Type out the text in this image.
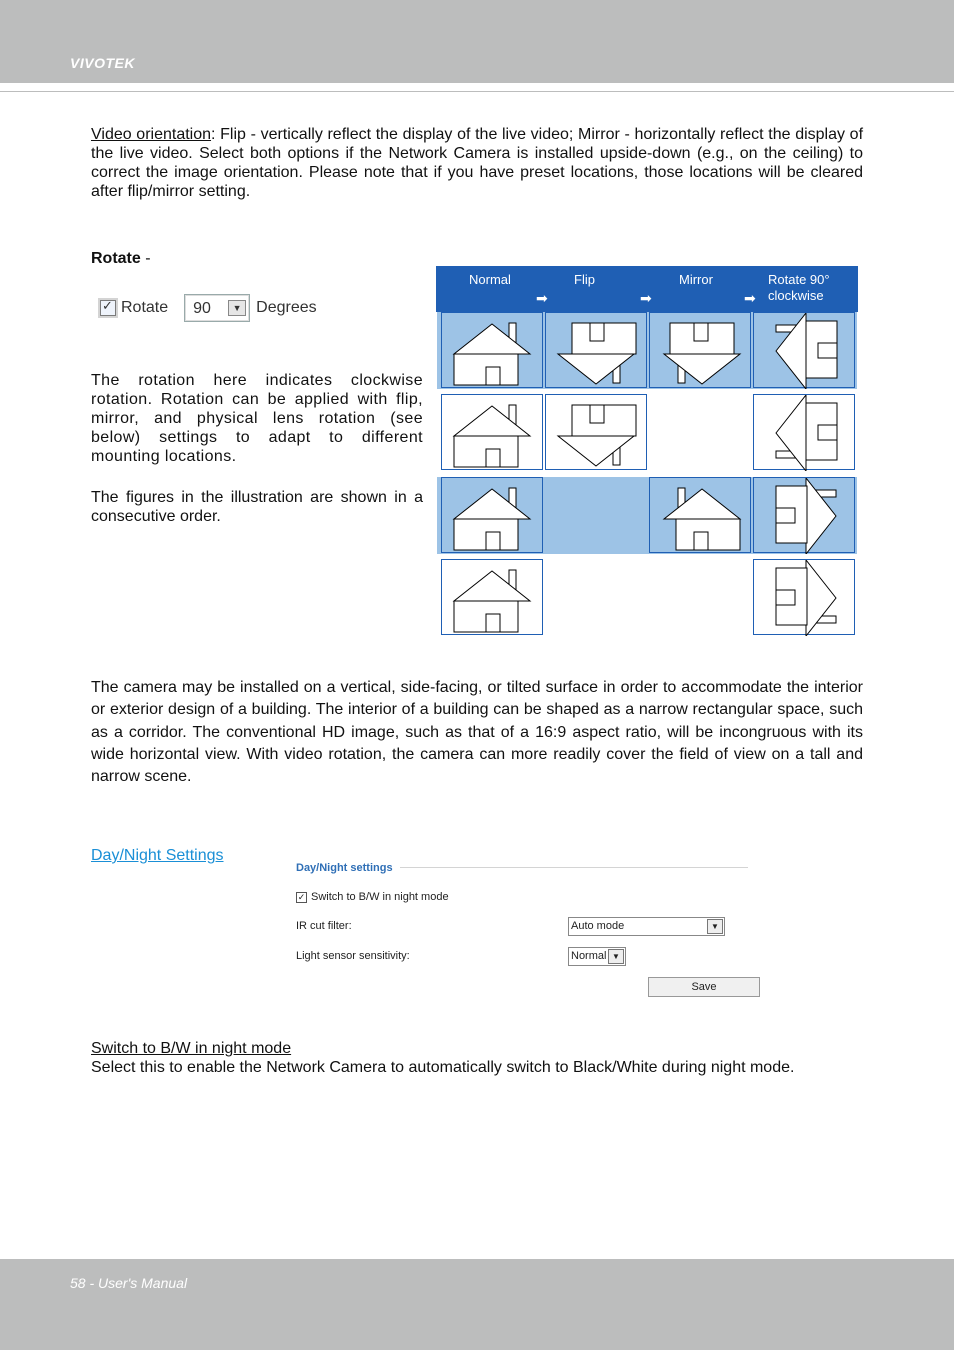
VIVOTEK
Video orientation: Flip - vertically reflect the display of the live video; Mirror - horizontally reflect the display of the live video. Select both options if the Network Camera is installed upside-down (e.g., on the ceiling) to correct the image orientation. Please note that if you have preset locations, those locations will be cleared after flip/mirror setting.
Rotate -
✓
Rotate 90	▼ Degrees
The rotation here indicates clockwise rotation. Rotation can be applied with flip, mirror, and physical lens rotation (see below) settings to adapt to different mounting locations.
The figures in the illustration are shown in a consecutive order.
Normal	Flip	Mirror	Rotate 90°
clockwise
➡	➡	➡
The camera may be installed on a vertical, side-facing, or tilted surface in order to accommodate the interior or exterior design of a building. The interior of a building can be shaped as a narrow rectangular space, such as a corridor. The conventional HD image, such as that of a 16:9 aspect ratio, will be incongruous with its wide horizontal view. With video rotation, the camera can more readily cover the field of view on a tall and narrow scene.
Day/Night Settings
Day/Night settings
✓ Switch to B/W in night mode
IR cut filter:	Auto mode	▼
Light sensor sensitivity:	Normal ▼
Save
Switch to B/W in night mode
Select this to enable the Network Camera to automatically switch to Black/White during night mode.
58 - User's Manual
